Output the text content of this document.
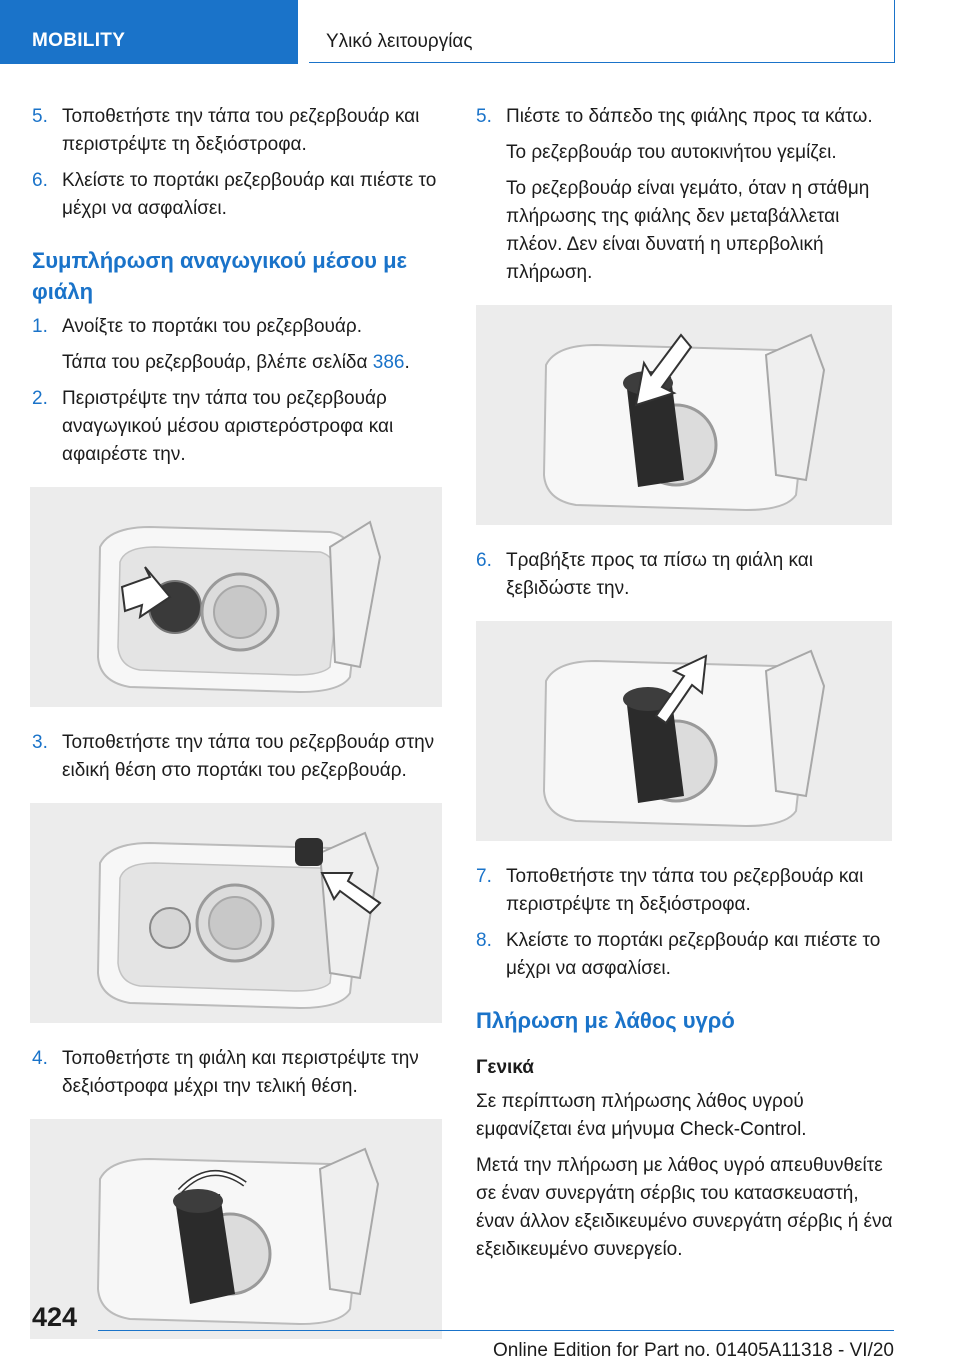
MOBILITY	Υλικό λειτουργίας
5. Τοποθετήστε την τάπα του ρεζερβουάρ και περιστρέψτε τη δεξιόστροφα.
6. Κλείστε το πορτάκι ρεζερβουάρ και πιέστε το μέχρι να ασφαλίσει.
Συμπλήρωση αναγωγικού μέσου με φιάλη
1. Ανοίξτε το πορτάκι του ρεζερβουάρ.
Τάπα του ρεζερβουάρ, βλέπε σελίδα 386.
2. Περιστρέψτε την τάπα του ρεζερβουάρ αναγωγικού μέσου αριστερόστροφα και αφαιρέστε την.
3. Τοποθετήστε την τάπα του ρεζερβουάρ στην ειδική θέση στο πορτάκι του ρεζερβουάρ.
4. Τοποθετήστε τη φιάλη και περιστρέψτε την δεξιόστροφα μέχρι την τελική θέση.
5. Πιέστε το δάπεδο της φιάλης προς τα κάτω.
Το ρεζερβουάρ του αυτοκινήτου γεμίζει.
Το ρεζερβουάρ είναι γεμάτο, όταν η στάθμη πλήρωσης της φιάλης δεν μεταβάλλεται πλέον. Δεν είναι δυνατή η υπερβολική πλήρωση.
6. Τραβήξτε προς τα πίσω τη φιάλη και ξεβιδώστε την.
7. Τοποθετήστε την τάπα του ρεζερβουάρ και περιστρέψτε τη δεξιόστροφα.
8. Κλείστε το πορτάκι ρεζερβουάρ και πιέστε το μέχρι να ασφαλίσει.
Πλήρωση με λάθος υγρό
Γενικά
Σε περίπτωση πλήρωσης λάθος υγρού εμφανίζεται ένα μήνυμα Check-Control.
Μετά την πλήρωση με λάθος υγρό απευθυνθείτε σε έναν συνεργάτη σέρβις του κατασκευαστή, έναν άλλον εξειδικευμένο συνεργάτη σέρβις ή ένα εξειδικευμένο συνεργείο.
424
Online Edition for Part no. 01405A11318 - VI/20
